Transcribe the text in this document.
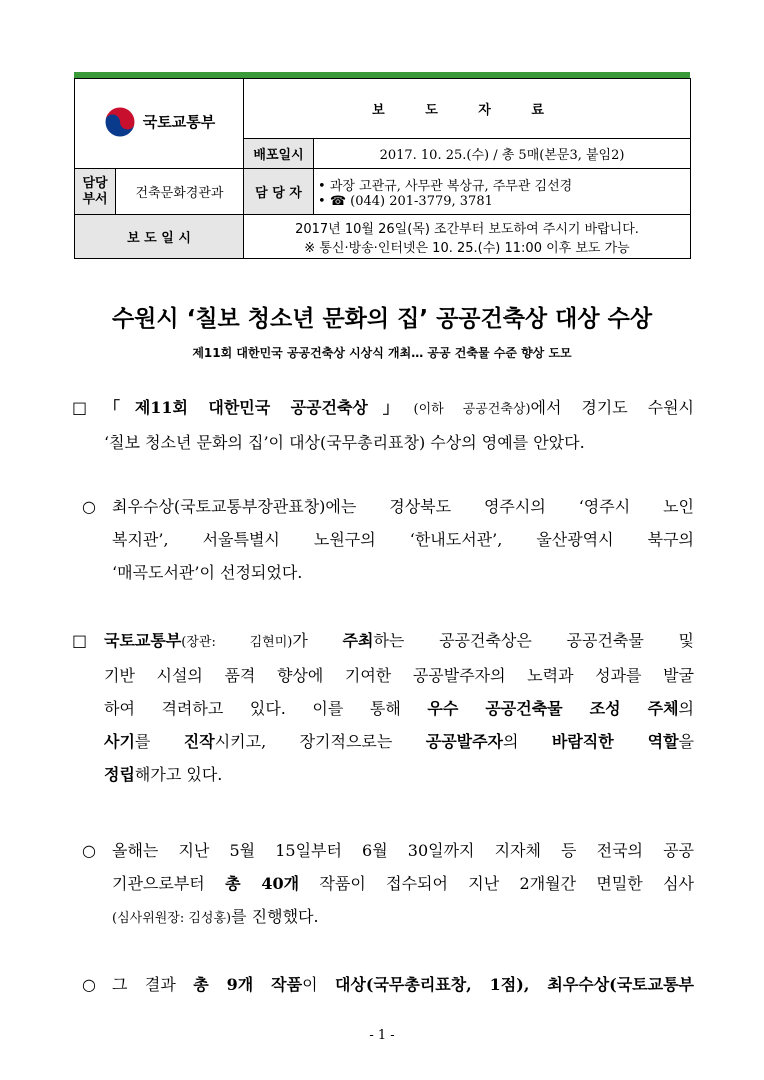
국토교통부		보 도 자 료	
		배포일시	2017. 10. 25.(수) / 총 5매(본문3, 붙임2)
담당부서	건축문화경관과	담 당 자	• 과장 고관규, 사무관 복상규, 주무관 김선경
• ☎ (044) 201-3779, 3781

보 도 일 시		2017년 10월 26일(목) 조간부터 보도하여 주시기 바랍니다.
※ 통신·방송·인터넷은 10. 25.(수) 11:00 이후 보도 가능	
수원시 ‘칠보 청소년 문화의 집’ 공공건축상 대상 수상
제11회 대한민국 공공건축상 시상식 개최… 공공 건축물 수준 향상 도모
□	「제11회 대한민국 공공건축상」(이하 공공건축상)에서 경기도 수원시
‘칠보 청소년 문화의 집’이 대상(국무총리표창) 수상의 영예를 안았다.
○	최우수상(국토교통부장관표창)에는 경상북도 영주시의 ‘영주시 노인
복지관’, 서울특별시 노원구의 ‘한내도서관’, 울산광역시 북구의
‘매곡도서관’이 선정되었다.
□	국토교통부(장관: 김현미)가 주최하는 공공건축상은 공공건축물 및
기반 시설의 품격 향상에 기여한 공공발주자의 노력과 성과를 발굴
하여 격려하고 있다. 이를 통해 우수 공공건축물 조성 주체의
사기를 진작시키고, 장기적으로는 공공발주자의 바람직한 역할을
정립해가고 있다.
○	올해는 지난 5월 15일부터 6월 30일까지 지자체 등 전국의 공공
기관으로부터 총 40개 작품이 접수되어 지난 2개월간 면밀한 심사
(심사위원장: 김성홍)를 진행했다.
○	그 결과 총 9개 작품이 대상(국무총리표창, 1점), 최우수상(국토교통부
- 1 -
